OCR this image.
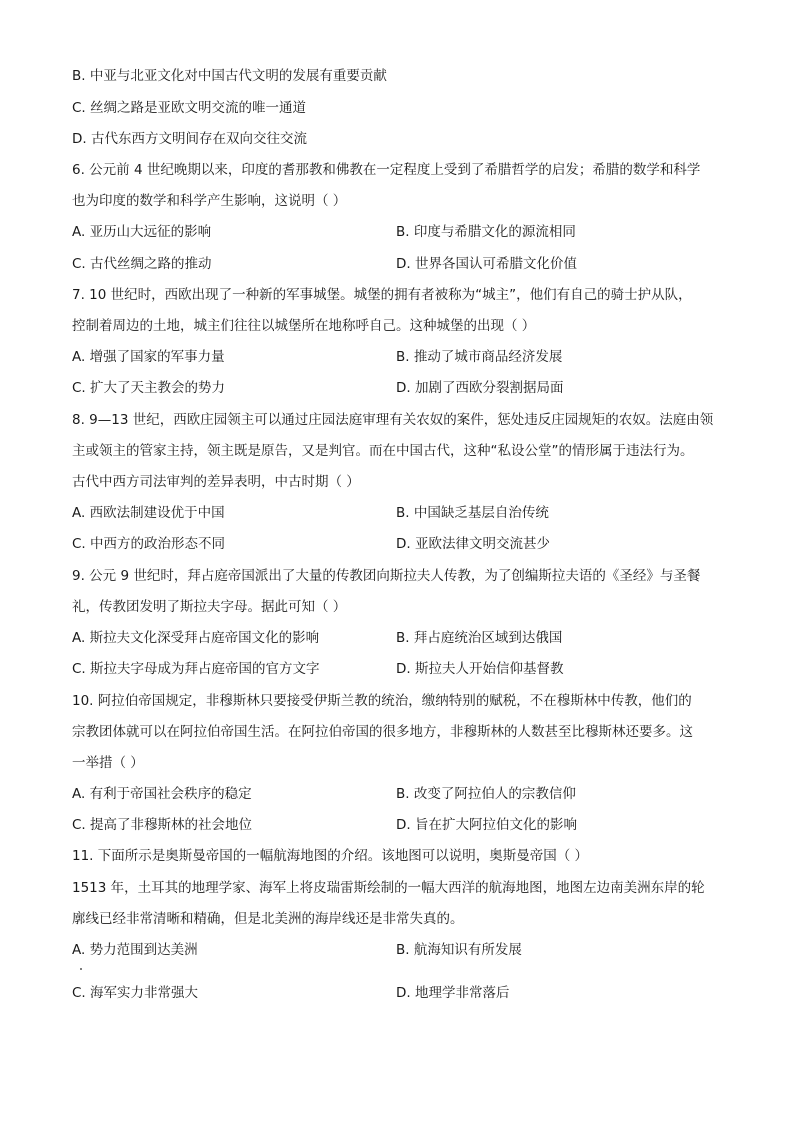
B. 中亚与北亚文化对中国古代文明的发展有重要贡献
C. 丝绸之路是亚欧文明交流的唯一通道
D. 古代东西方文明间存在双向交往交流
6. 公元前 4 世纪晚期以来，印度的耆那教和佛教在一定程度上受到了希腊哲学的启发；希腊的数学和科学
也为印度的数学和科学产生影响，这说明（ ）
A. 亚历山大远征的影响	B. 印度与希腊文化的源流相同
C. 古代丝绸之路的推动	D. 世界各国认可希腊文化价值
7. 10 世纪时，西欧出现了一种新的军事城堡。城堡的拥有者被称为“城主”，他们有自己的骑士护从队，
控制着周边的土地，城主们往往以城堡所在地称呼自己。这种城堡的出现（ ）
A. 增强了国家的军事力量	B. 推动了城市商品经济发展
C. 扩大了天主教会的势力	D. 加剧了西欧分裂割据局面
8. 9—13 世纪，西欧庄园领主可以通过庄园法庭审理有关农奴的案件，惩处违反庄园规矩的农奴。法庭由领
主或领主的管家主持，领主既是原告，又是判官。而在中国古代，这种“私设公堂”的情形属于违法行为。
古代中西方司法审判的差异表明，中古时期（ ）
A. 西欧法制建设优于中国	B. 中国缺乏基层自治传统
C. 中西方的政治形态不同	D. 亚欧法律文明交流甚少
9. 公元 9 世纪时，拜占庭帝国派出了大量的传教团向斯拉夫人传教，为了创编斯拉夫语的《圣经》与圣餐
礼，传教团发明了斯拉夫字母。据此可知（ ）
A. 斯拉夫文化深受拜占庭帝国文化的影响	B. 拜占庭统治区域到达俄国
C. 斯拉夫字母成为拜占庭帝国的官方文字	D. 斯拉夫人开始信仰基督教
10. 阿拉伯帝国规定，非穆斯林只要接受伊斯兰教的统治，缴纳特别的赋税，不在穆斯林中传教，他们的
宗教团体就可以在阿拉伯帝国生活。在阿拉伯帝国的很多地方，非穆斯林的人数甚至比穆斯林还要多。这
一举措（ ）
A. 有利于帝国社会秩序的稳定	B. 改变了阿拉伯人的宗教信仰
C. 提高了非穆斯林的社会地位	D. 旨在扩大阿拉伯文化的影响
11. 下面所示是奥斯曼帝国的一幅航海地图的介绍。该地图可以说明，奥斯曼帝国（ ）
1513 年，土耳其的地理学家、海军上将皮瑞雷斯绘制的一幅大西洋的航海地图，地图左边南美洲东岸的轮
廓线已经非常清晰和精确，但是北美洲的海岸线还是非常失真的。
A. 势力范围到达美洲	B. 航海知识有所发展
C. 海军实力非常强大	D. 地理学非常落后
